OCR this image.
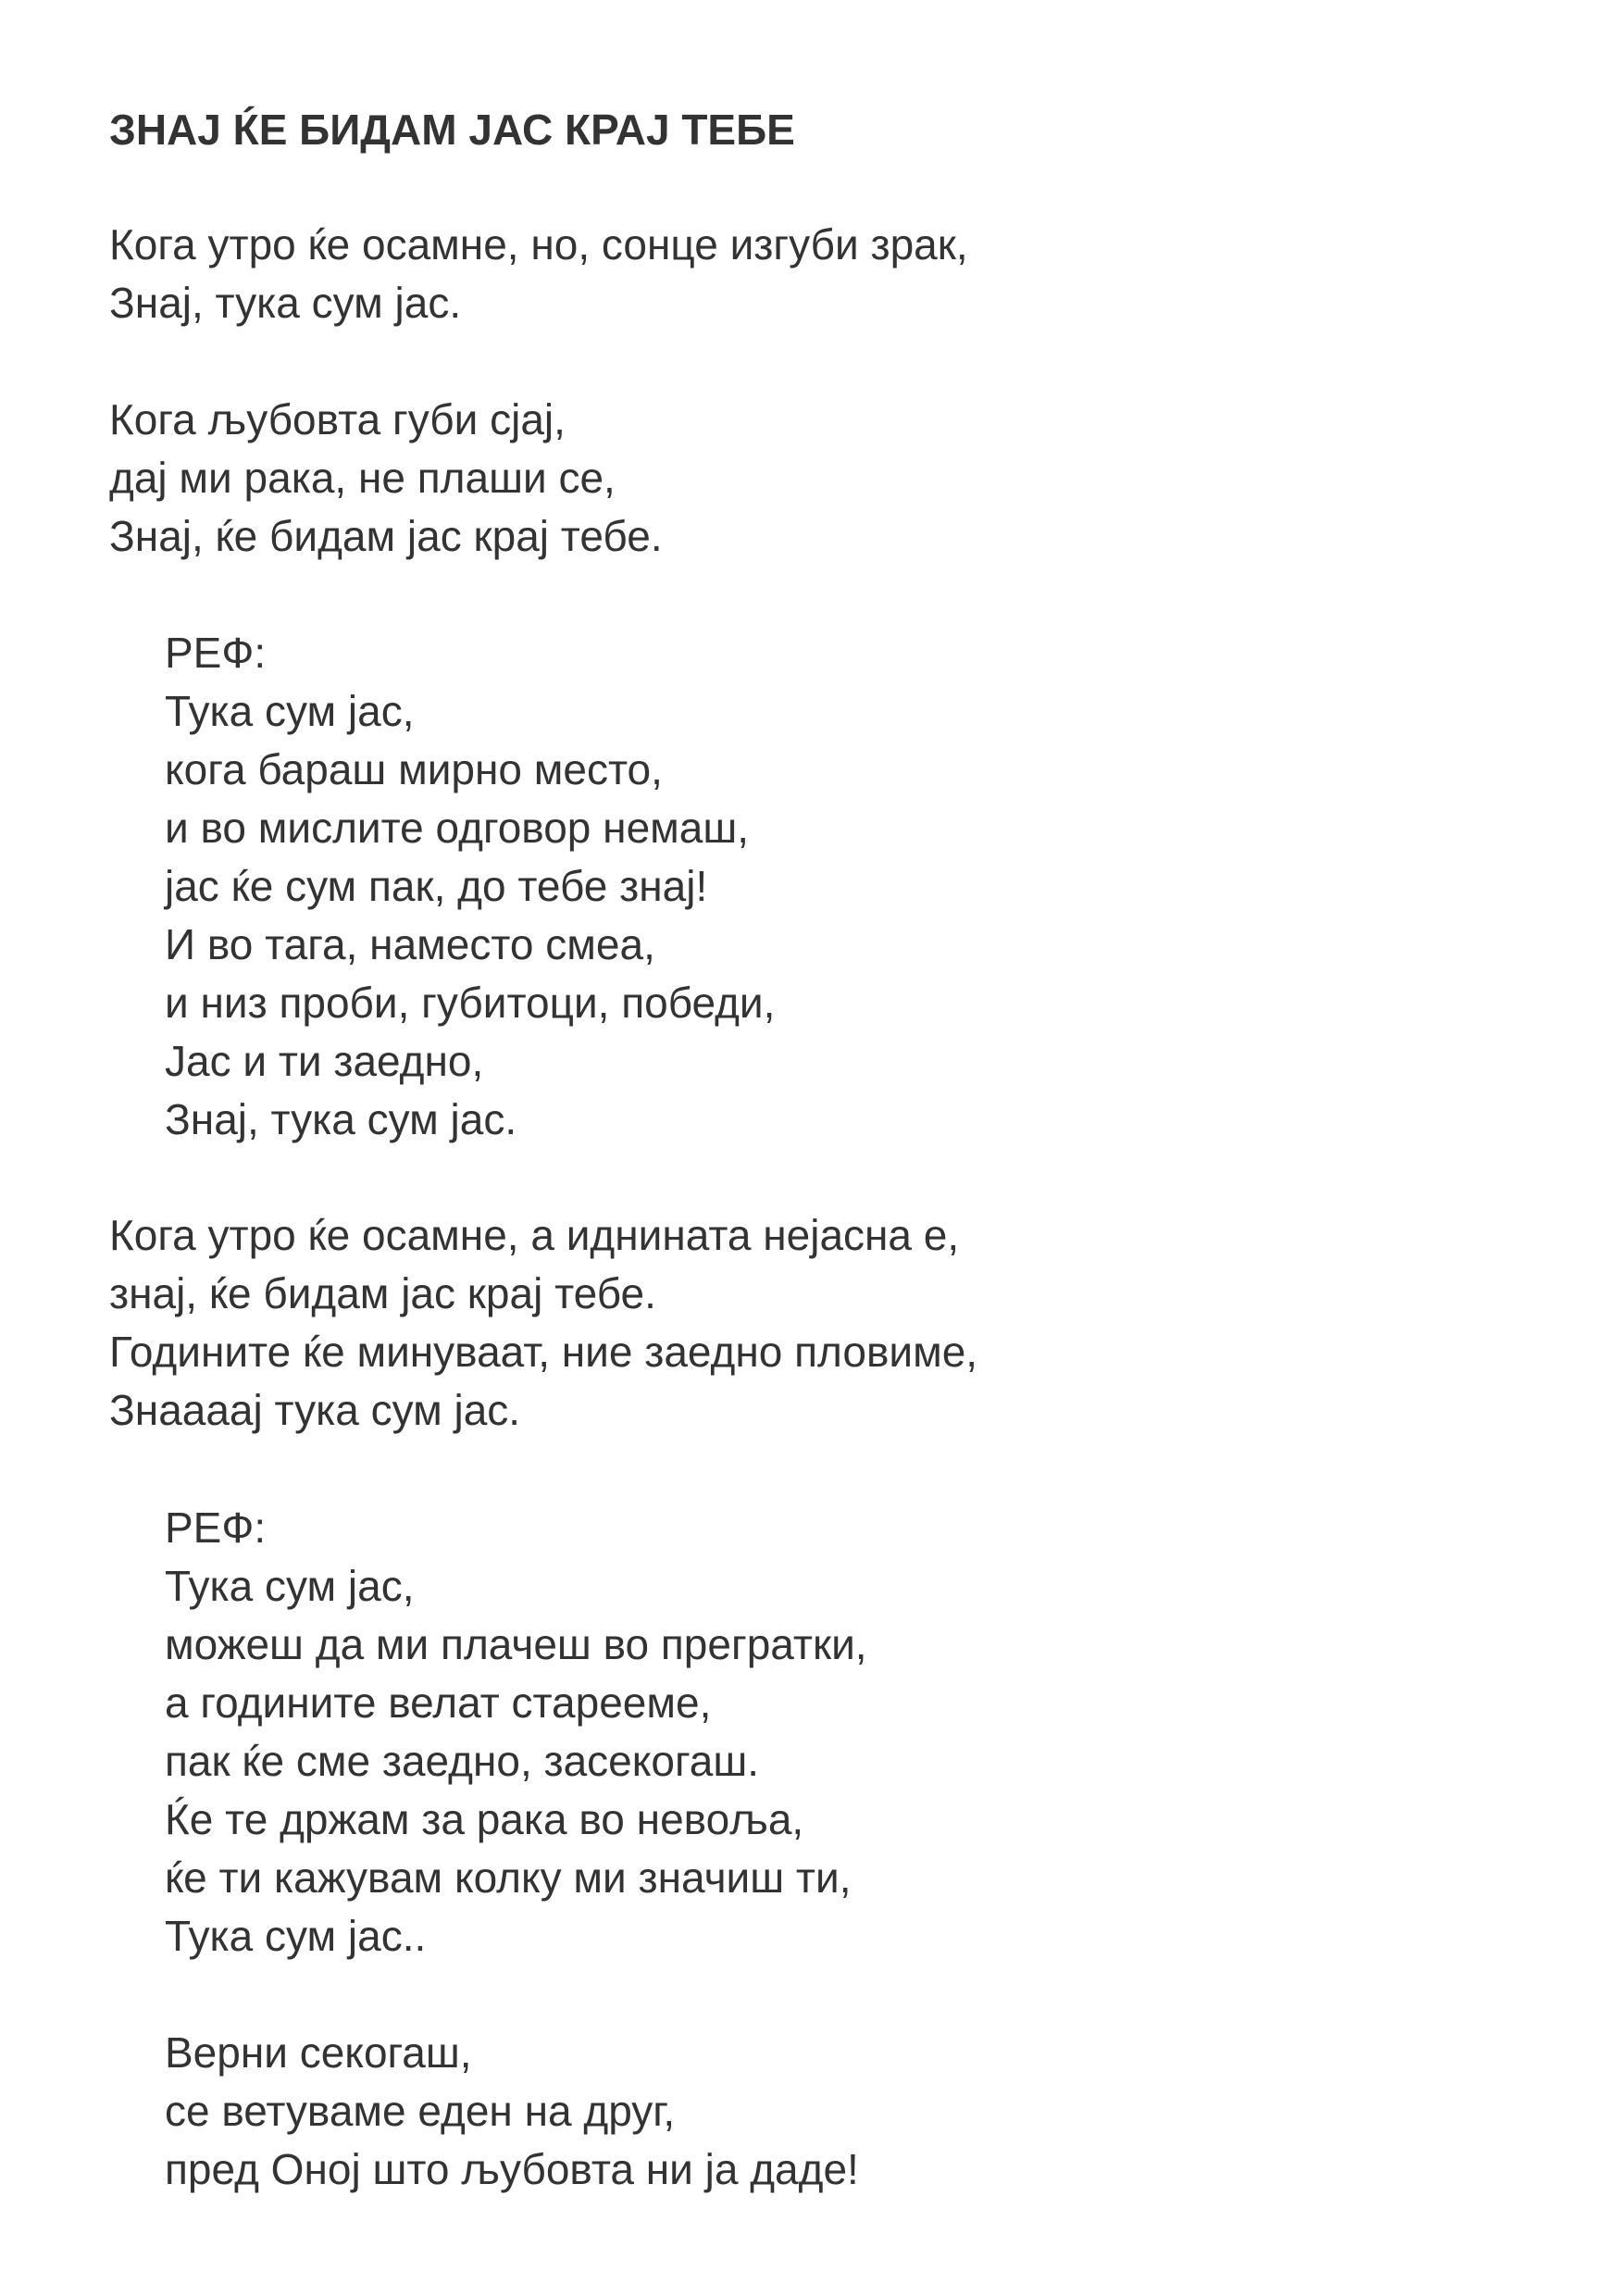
ЗНАЈ ЌЕ БИДАМ ЈАС КРАЈ ТЕБЕ
Кога утро ќе осамне, но, сонце изгуби зрак,
Знај, тука сум јас.
Кога љубовта губи сјај,
дај ми рака, не плаши се,
Знај, ќе бидам јас крај тебе.
РЕФ:
Тука сум јас,
кога бараш мирно место,
и во мислите одговор немаш,
јас ќе сум пак, до тебе знај!
И во тага, наместо смеа,
и низ проби, губитоци, победи,
Јас и ти заедно,
Знај, тука сум јас.
Кога утро ќе осамне, а иднината нејасна е,
знај, ќе бидам јас крај тебе.
Годините ќе минуваат, ние заедно пловиме,
Знаааај тука сум јас.
РЕФ:
Тука сум јас,
можеш да ми плачеш во прегратки,
а годините велат стареeме,
пак ќе сме заедно, засекогаш.
Ќе те држам за рака во невоља,
ќе ти кажувам колку ми значиш ти,
Тука сум јас..
Верни секогаш,
се ветуваме еден на друг,
пред Оној што љубовта ни ја даде!
